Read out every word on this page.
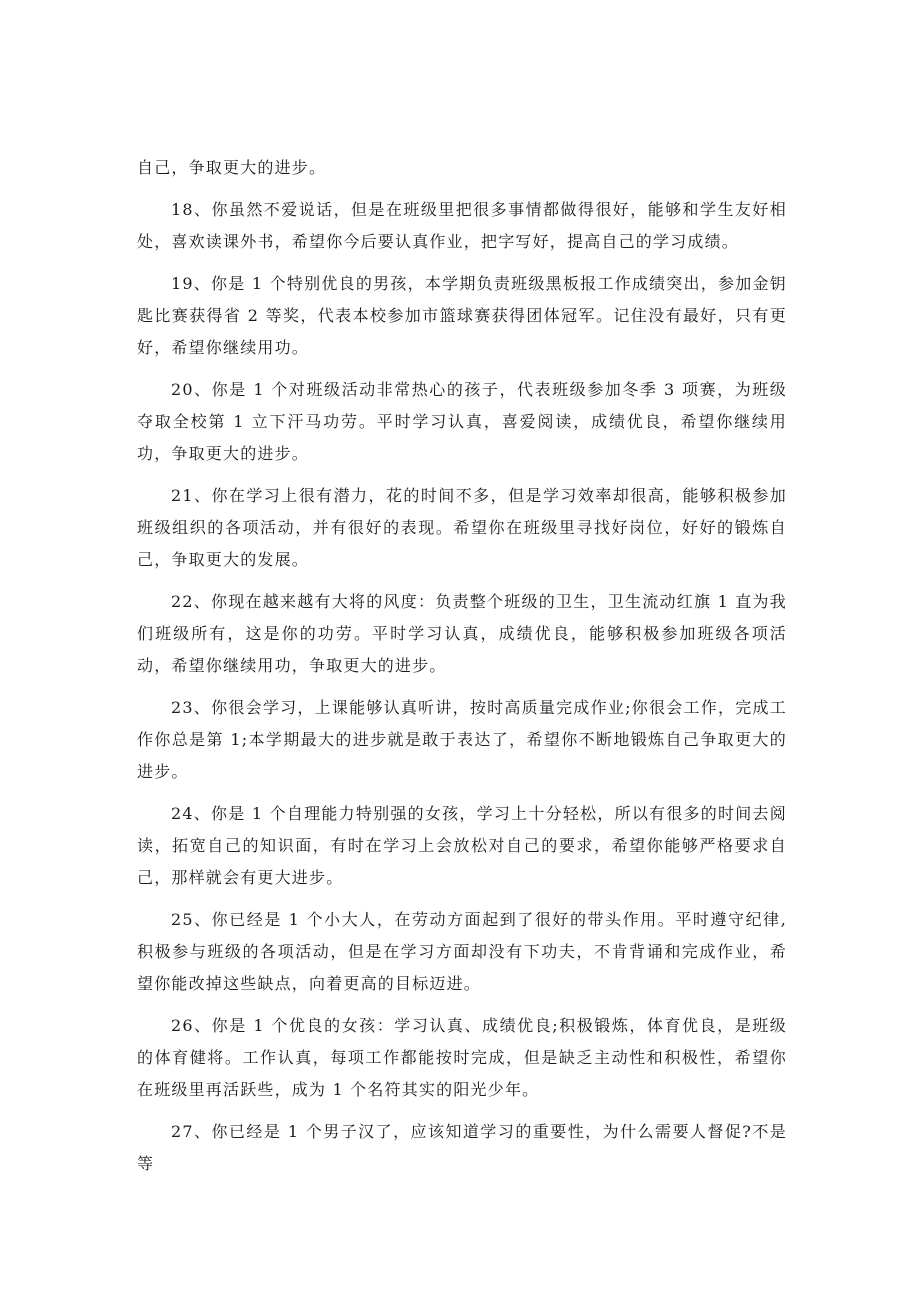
自己，争取更大的进步。

18、你虽然不爱说话，但是在班级里把很多事情都做得很好，能够和学生友好相处，喜欢读课外书，希望你今后要认真作业，把字写好，提高自己的学习成绩。

19、你是 1 个特别优良的男孩，本学期负责班级黑板报工作成绩突出，参加金钥匙比赛获得省 2 等奖，代表本校参加市篮球赛获得团体冠军。记住没有最好，只有更好，希望你继续用功。

20、你是 1 个对班级活动非常热心的孩子，代表班级参加冬季 3 项赛，为班级夺取全校第 1 立下汗马功劳。平时学习认真，喜爱阅读，成绩优良，希望你继续用功，争取更大的进步。

21、你在学习上很有潜力，花的时间不多，但是学习效率却很高，能够积极参加班级组织的各项活动，并有很好的表现。希望你在班级里寻找好岗位，好好的锻炼自己，争取更大的发展。

22、你现在越来越有大将的风度：负责整个班级的卫生，卫生流动红旗 1 直为我们班级所有，这是你的功劳。平时学习认真，成绩优良，能够积极参加班级各项活动，希望你继续用功，争取更大的进步。

23、你很会学习，上课能够认真听讲，按时高质量完成作业;你很会工作，完成工作你总是第 1;本学期最大的进步就是敢于表达了，希望你不断地锻炼自己争取更大的进步。

24、你是 1 个自理能力特别强的女孩，学习上十分轻松，所以有很多的时间去阅读，拓宽自己的知识面，有时在学习上会放松对自己的要求，希望你能够严格要求自己，那样就会有更大进步。

25、你已经是 1 个小大人，在劳动方面起到了很好的带头作用。平时遵守纪律,积极参与班级的各项活动，但是在学习方面却没有下功夫，不肯背诵和完成作业，希望你能改掉这些缺点，向着更高的目标迈进。

26、你是 1 个优良的女孩：学习认真、成绩优良;积极锻炼，体育优良，是班级的体育健将。工作认真，每项工作都能按时完成，但是缺乏主动性和积极性，希望你在班级里再活跃些，成为 1 个名符其实的阳光少年。

27、你已经是 1 个男子汉了，应该知道学习的重要性，为什么需要人督促?不是等
